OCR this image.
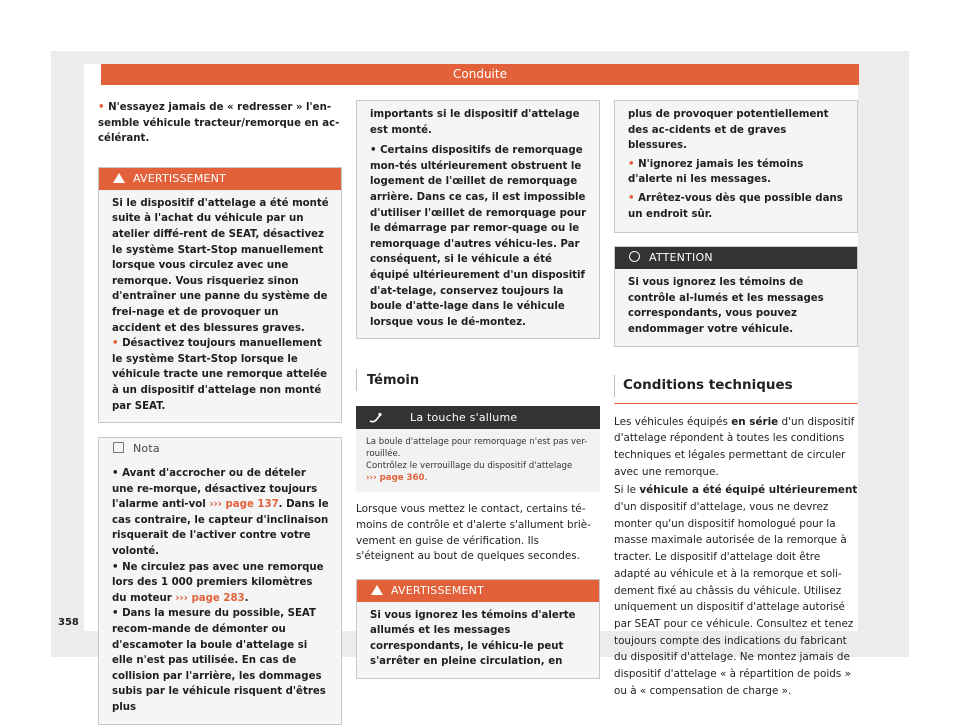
Conduite
358

• N'essayez jamais de « redresser » l'en-semble véhicule tracteur/remorque en ac-célérant.

AVERTISSEMENT

Si le dispositif d'attelage a été monté suite à l'achat du véhicule par un atelier diffé-rent de SEAT, désactivez le système Start-Stop manuellement lorsque vous circulez avec une remorque. Vous risqueriez sinon d'entraîner une panne du système de frei-nage et de provoquer un accident et des blessures graves.

• Désactivez toujours manuellement le système Start-Stop lorsque le véhicule tracte une remorque attelée à un dispositif d'attelage non monté par SEAT.

Nota

• Avant d'accrocher ou de dételer une re-morque, désactivez toujours l'alarme anti-vol ››› page 137. Dans le cas contraire, le capteur d'inclinaison risquerait de l'activer contre votre volonté.

• Ne circulez pas avec une remorque lors des 1 000 premiers kilomètres du moteur ››› page 283.

• Dans la mesure du possible, SEAT recom-mande de démonter ou d'escamoter la boule d'attelage si elle n'est pas utilisée. En cas de collision par l'arrière, les dommages subis par le véhicule risquent d'êtres plus

importants si le dispositif d'attelage est monté.

• Certains dispositifs de remorquage mon-tés ultérieurement obstruent le logement de l'œillet de remorquage arrière. Dans ce cas, il est impossible d'utiliser l'œillet de remorquage pour le démarrage par remor-quage ou le remorquage d'autres véhicu-les. Par conséquent, si le véhicule a été équipé ultérieurement d'un dispositif d'at-telage, conservez toujours la boule d'atte-lage dans le véhicule lorsque vous le dé-montez.

Témoin
La touche s'allume

La boule d'attelage pour remorquage n'est pas ver-rouillée.

Contrôlez le verrouillage du dispositif d'attelage
››› page 360.

Lorsque vous mettez le contact, certains té-moins de contrôle et d'alerte s'allument briè-vement en guise de vérification. Ils s'éteignent au bout de quelques secondes.

AVERTISSEMENT

Si vous ignorez les témoins d'alerte allumés et les messages correspondants, le véhicu-le peut s'arrêter en pleine circulation, en

plus de provoquer potentiellement des ac-cidents et de graves blessures.

• N'ignorez jamais les témoins d'alerte ni les messages.

• Arrêtez-vous dès que possible dans un endroit sûr.

ATTENTION

Si vous ignorez les témoins de contrôle al-lumés et les messages correspondants, vous pouvez endommager votre véhicule.

Conditions techniques

Les véhicules équipés en série d'un dispositif d'attelage répondent à toutes les conditions techniques et légales permettant de circuler avec une remorque.

Si le véhicule a été équipé ultérieurement d'un dispositif d'attelage, vous ne devrez monter qu'un dispositif homologué pour la masse maximale autorisée de la remorque à tracter. Le dispositif d'attelage doit être adapté au véhicule et à la remorque et soli-dement fixé au châssis du véhicule. Utilisez uniquement un dispositif d'attelage autorisé par SEAT pour ce véhicule. Consultez et tenez toujours compte des indications du fabricant du dispositif d'attelage. Ne montez jamais de dispositif d'attelage « à répartition de poids » ou à « compensation de charge ».
